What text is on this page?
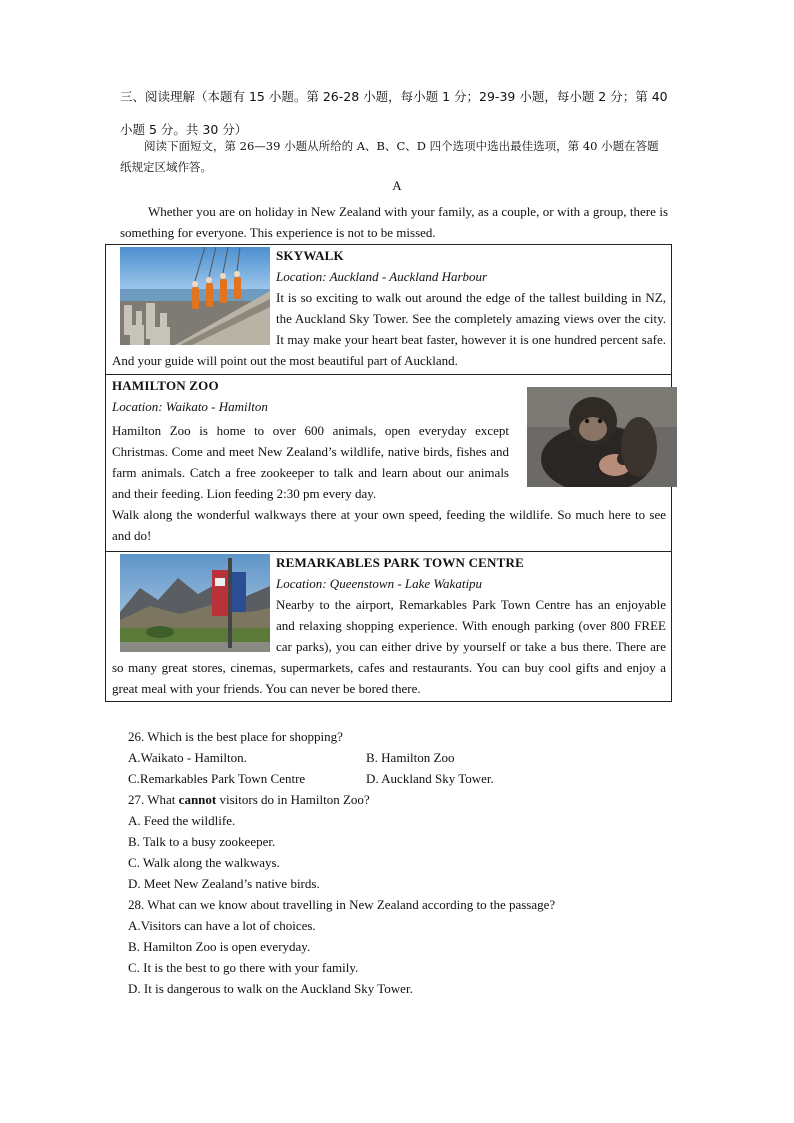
三、阅读理解（本题有 15 小题。第 26-28 小题，每小题 1 分；29-39 小题，每小题 2 分；第 40 小题 5 分。共 30 分）
阅读下面短文，第 26—39 小题从所给的 A、B、C、D 四个选项中选出最佳选项，第 40 小题在答题纸规定区域作答。
A
Whether you are on holiday in New Zealand with your family, as a couple, or with a group, there is something for everyone. This experience is not to be missed.
SKYWALK
Location: Auckland - Auckland Harbour
It is so exciting to walk out around the edge of the tallest building in NZ, the Auckland Sky Tower. See the completely amazing views over the city. It may make your heart beat faster, however it is one hundred percent safe. And your guide will point out the most beautiful part of Auckland.
HAMILTON ZOO
Location: Waikato - Hamilton
Hamilton Zoo is home to over 600 animals, open everyday except Christmas. Come and meet New Zealand’s wildlife, native birds, fishes and farm animals. Catch a free zookeeper to talk and learn about our animals and their feeding. Lion feeding 2:30 pm every day.
Walk along the wonderful walkways there at your own speed, feeding the wildlife. So much here to see and do!
REMARKABLES PARK TOWN CENTRE
Location: Queenstown - Lake Wakatipu
Nearby to the airport, Remarkables Park Town Centre has an enjoyable and relaxing shopping experience. With enough parking (over 800 FREE car parks), you can either drive by yourself or take a bus there. There are so many great stores, cinemas, supermarkets, cafes and restaurants. You can buy cool gifts and enjoy a great meal with your friends. You can never be bored there.
26. Which is the best place for shopping?
A.Waikato - Hamilton.	B. Hamilton Zoo
C.Remarkables Park Town Centre	D. Auckland Sky Tower.
27. What cannot visitors do in Hamilton Zoo?
A. Feed the wildlife.
B. Talk to a busy zookeeper.
C. Walk along the walkways.
D. Meet New Zealand’s native birds.
28. What can we know about travelling in New Zealand according to the passage?
A.Visitors can have a lot of choices.
B. Hamilton Zoo is open everyday.
C. It is the best to go there with your family.
D. It is dangerous to walk on the Auckland Sky Tower.
